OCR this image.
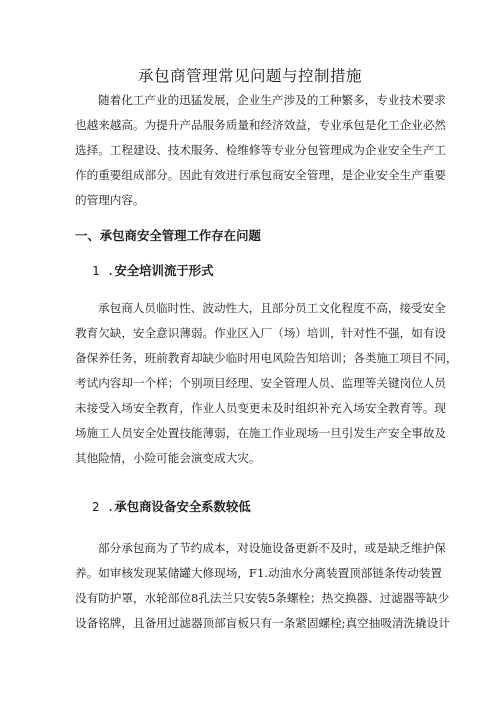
承包商管理常见问题与控制措施
随着化工产业的迅猛发展，企业生产涉及的工种繁多，专业技术要求
也越来越高。为提升产品服务质量和经济效益，专业承包是化工企业必然
选择。工程建设、技术服务、检维修等专业分包管理成为企业安全生产工
作的重要组成部分。因此有效进行承包商安全管理，是企业安全生产重要
的管理内容。
一、承包商安全管理工作存在问题
1 .安全培训流于形式
承包商人员临时性、波动性大，且部分员工文化程度不高，接受安全
教育欠缺，安全意识薄弱。作业区入厂（场）培训，针对性不强，如有设
备保养任务，班前教育却缺少临时用电风险告知培训；各类施工项目不同，
考试内容却一个样；个别项目经理、安全管理人员、监理等关键岗位人员
未接受入场安全教育，作业人员变更未及时组织补充入场安全教育等。现
场施工人员安全处置技能薄弱，在施工作业现场一旦引发生产安全事故及
其他险情，小险可能会演变成大灾。
2 .承包商设备安全系数较低
部分承包商为了节约成本，对设施设备更新不及时，或是缺乏维护保
养。如审核发现某储罐大修现场，F1.动油水分离装置顶部链条传动装置
没有防护罩，水轮部位8孔法兰只安装5条螺栓；热交换器、过滤器等缺少
设备铭牌，且备用过滤器顶部盲板只有一条紧固螺栓;真空抽吸清洗撬设计
